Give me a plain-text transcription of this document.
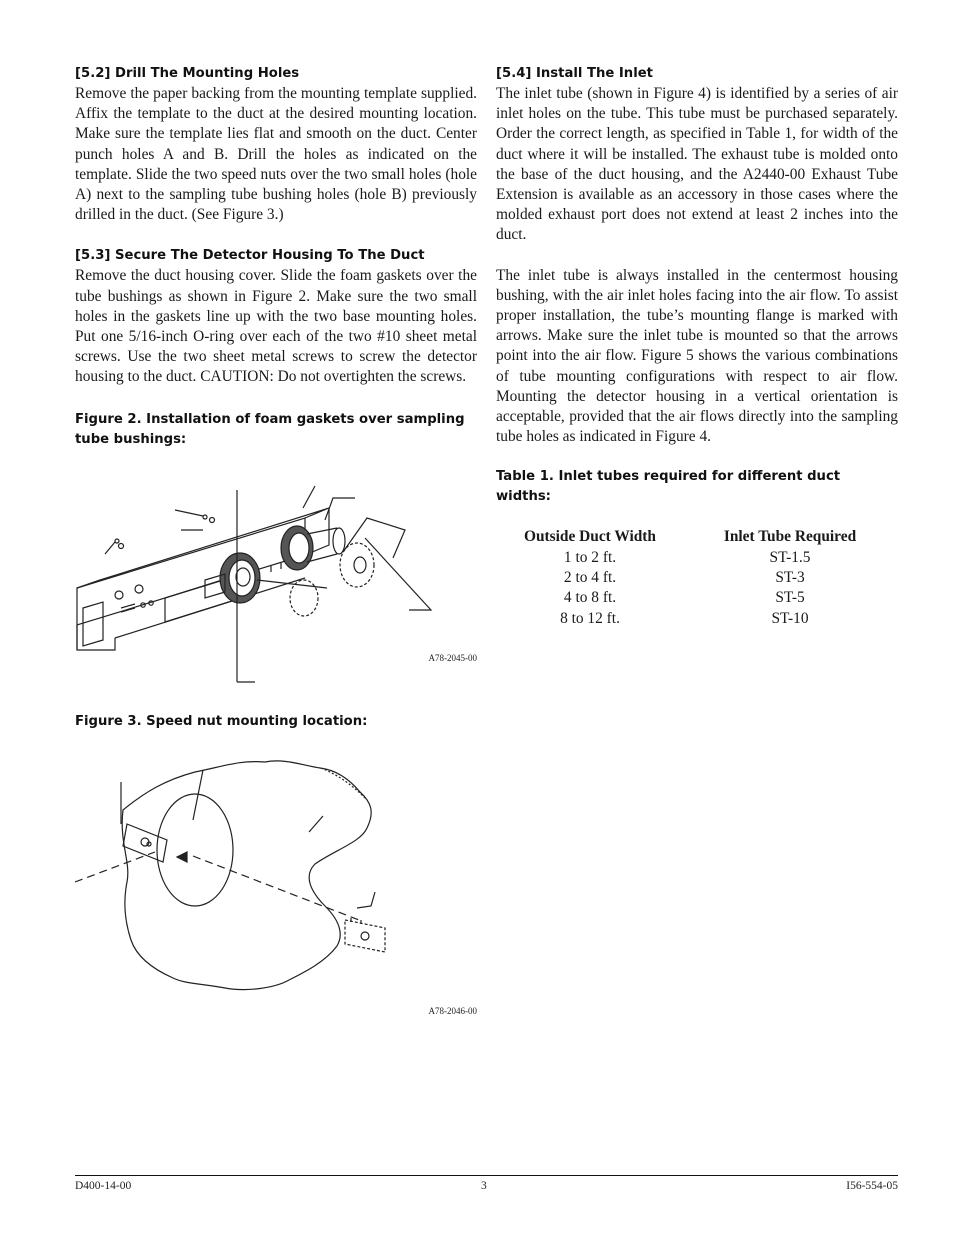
[5.2] Drill The Mounting Holes

Remove the paper backing from the mounting template supplied. Affix the template to the duct at the desired mounting location. Make sure the template lies flat and smooth on the duct. Center punch holes A and B. Drill the holes as indicated on the template. Slide the two speed nuts over the two small holes (hole A) next to the sampling tube bushing holes (hole B) previously drilled in the duct. (See Figure 3.)

[5.3] Secure The Detector Housing To The Duct

Remove the duct housing cover. Slide the foam gaskets over the tube bushings as shown in Figure 2. Make sure the two small holes in the gaskets line up with the two base mounting holes. Put one 5/16-inch O-ring over each of the two #10 sheet metal screws. Use the two sheet metal screws to screw the detector housing to the duct. CAUTION: Do not overtighten the screws.

Figure 2. Installation of foam gaskets over sampling tube bushings:

A78-2045-00

Figure 3. Speed nut mounting location:

A78-2046-00

[5.4] Install The Inlet

The inlet tube (shown in Figure 4) is identified by a series of air inlet holes on the tube. This tube must be purchased separately. Order the correct length, as specified in Table 1, for width of the duct where it will be installed. The exhaust tube is molded onto the base of the duct housing, and the A2440-00 Exhaust Tube Extension is available as an accessory in those cases where the molded exhaust port does not extend at least 2 inches into the duct.

The inlet tube is always installed in the centermost housing bushing, with the air inlet holes facing into the air flow. To assist proper installation, the tube’s mounting flange is marked with arrows. Make sure the inlet tube is mounted so that the arrows point into the air flow. Figure 5 shows the various combinations of tube mounting configurations with respect to air flow. Mounting the detector housing in a vertical orientation is acceptable, provided that the air flows directly into the sampling tube holes as indicated in Figure 4.

Table 1. Inlet tubes required for different duct widths:

Outside Duct Width	Inlet Tube Required
1 to 2 ft.	ST-1.5
2 to 4 ft.	ST-3
4 to 8 ft.	ST-5
8 to 12 ft.	ST-10
D400-14-00	3	I56-554-05
